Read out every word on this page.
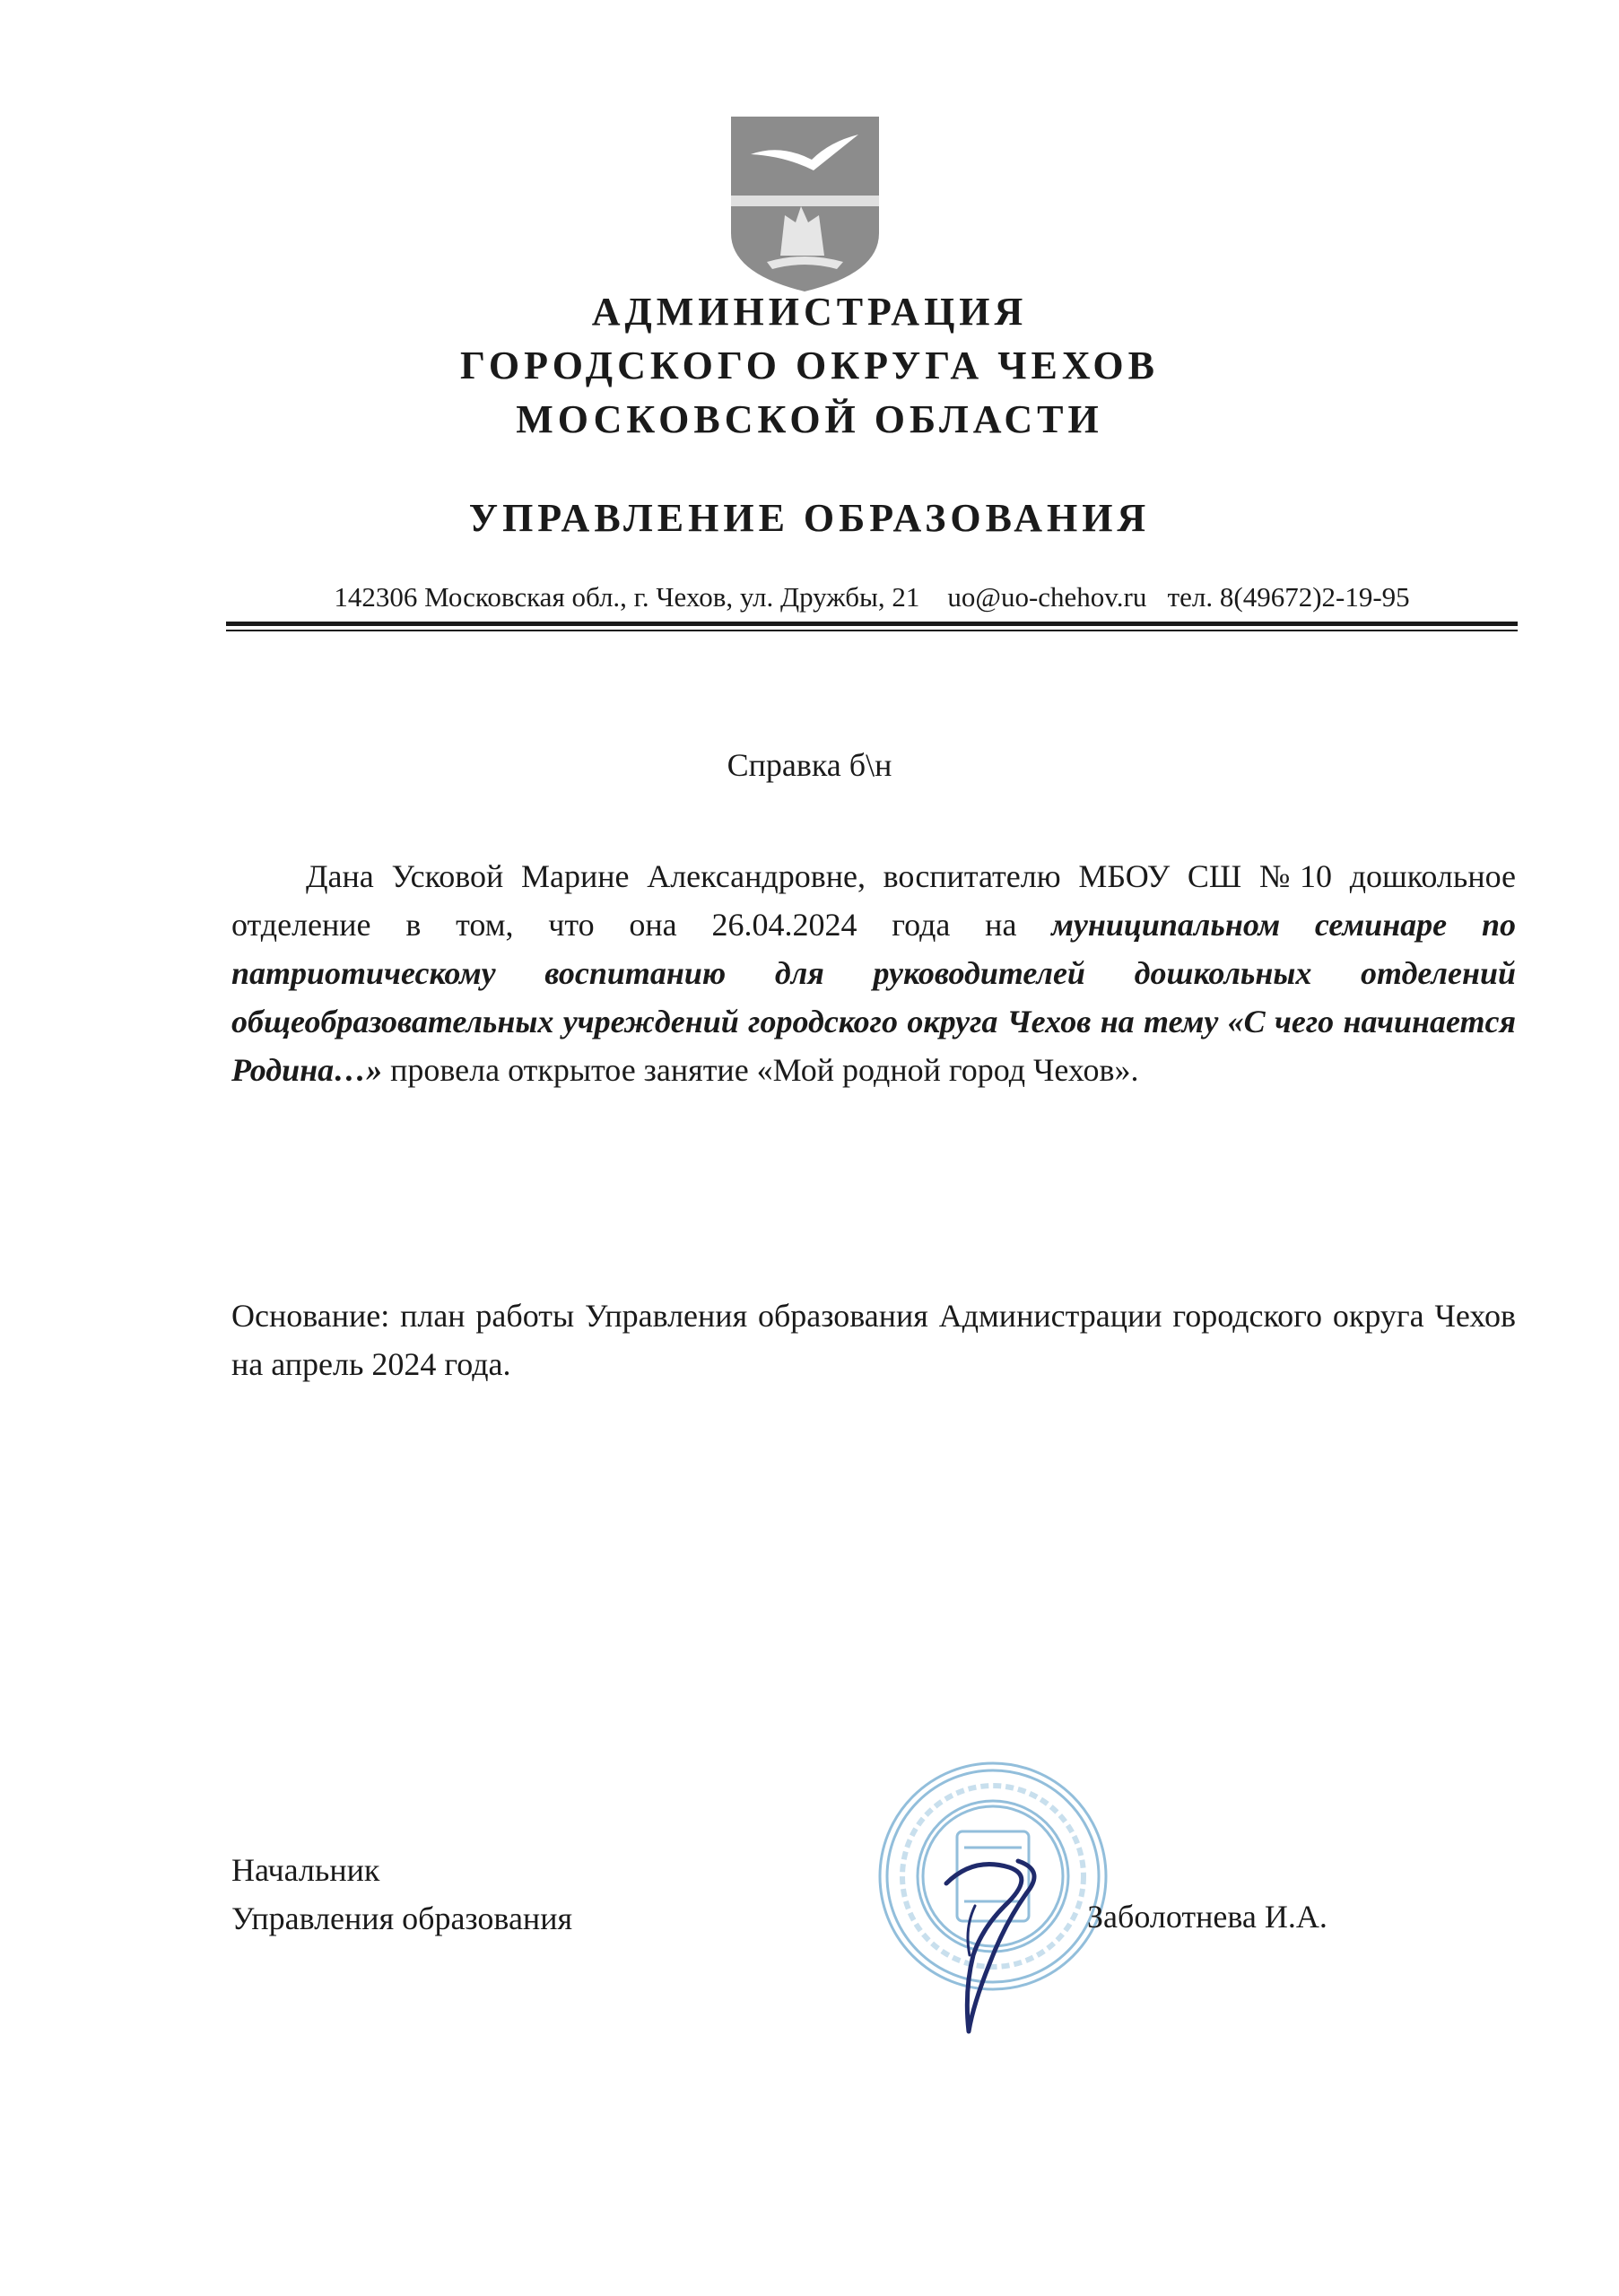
АДМИНИСТРАЦИЯ
ГОРОДСКОГО ОКРУГА ЧЕХОВ
МОСКОВСКОЙ ОБЛАСТИ
УПРАВЛЕНИЕ ОБРАЗОВАНИЯ
142306 Московская обл., г. Чехов, ул. Дружбы, 21 uo@uo-chehov.ru тел. 8(49672)2-19-95
Справка б\н

Дана Усковой Марине Александровне, воспитателю МБОУ СШ №10 дошкольное отделение в том, что она 26.04.2024 года на муниципальном семинаре по патриотическому воспитанию для руководителей дошкольных отделений общеобразовательных учреждений городского округа Чехов на тему «С чего начинается Родина…» провела открытое занятие «Мой родной город Чехов».

Основание: план работы Управления образования Администрации городского округа Чехов на апрель 2024 года.

Начальник
Управления образования	Заболотнева И.А.
